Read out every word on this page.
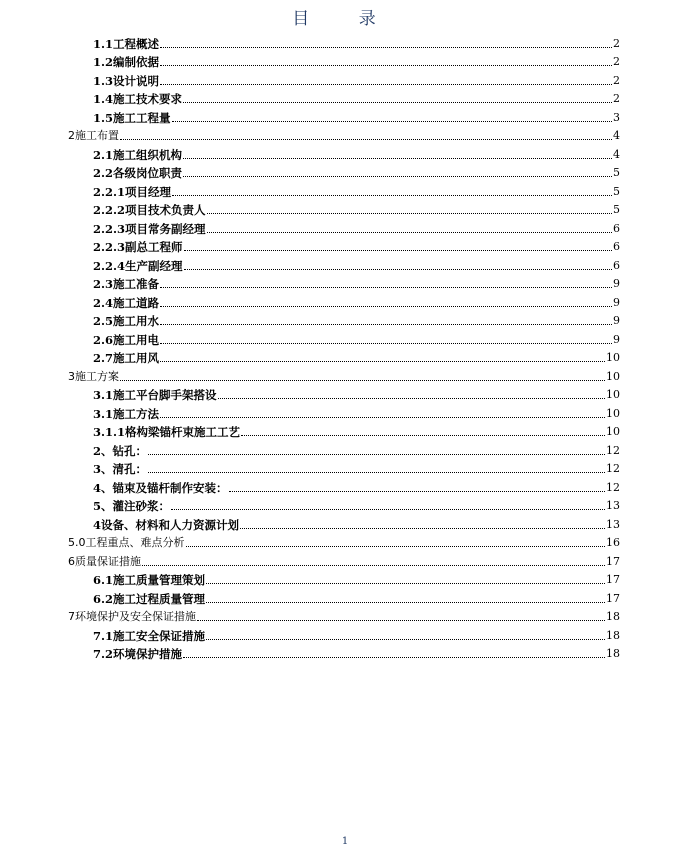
目 录
1.1工程概述	2
1.2编制依据	2
1.3设计说明	2
1.4施工技术要求	2
1.5施工工程量	3
2施工布置	4
2.1施工组织机构	4
2.2各级岗位职责	5
2.2.1项目经理	5
2.2.2项目技术负责人	5
2.2.3项目常务副经理	6
2.2.3副总工程师	6
2.2.4生产副经理	6
2.3施工准备	9
2.4施工道路	9
2.5施工用水	9
2.6施工用电	9
2.7施工用风	10
3施工方案	10
3.1施工平台脚手架搭设	10
3.1施工方法	10
3.1.1格构梁锚杆束施工工艺	10
2、钻孔：	12
3、清孔：	12
4、锚束及锚杆制作安装：	12
5、灌注砂浆：	13
4设备、材料和人力资源计划	13
5.0工程重点、难点分析	16
6质量保证措施	17
6.1施工质量管理策划	17
6.2施工过程质量管理	17
7环境保护及安全保证措施	18
7.1施工安全保证措施	18
7.2环境保护措施	18
1
